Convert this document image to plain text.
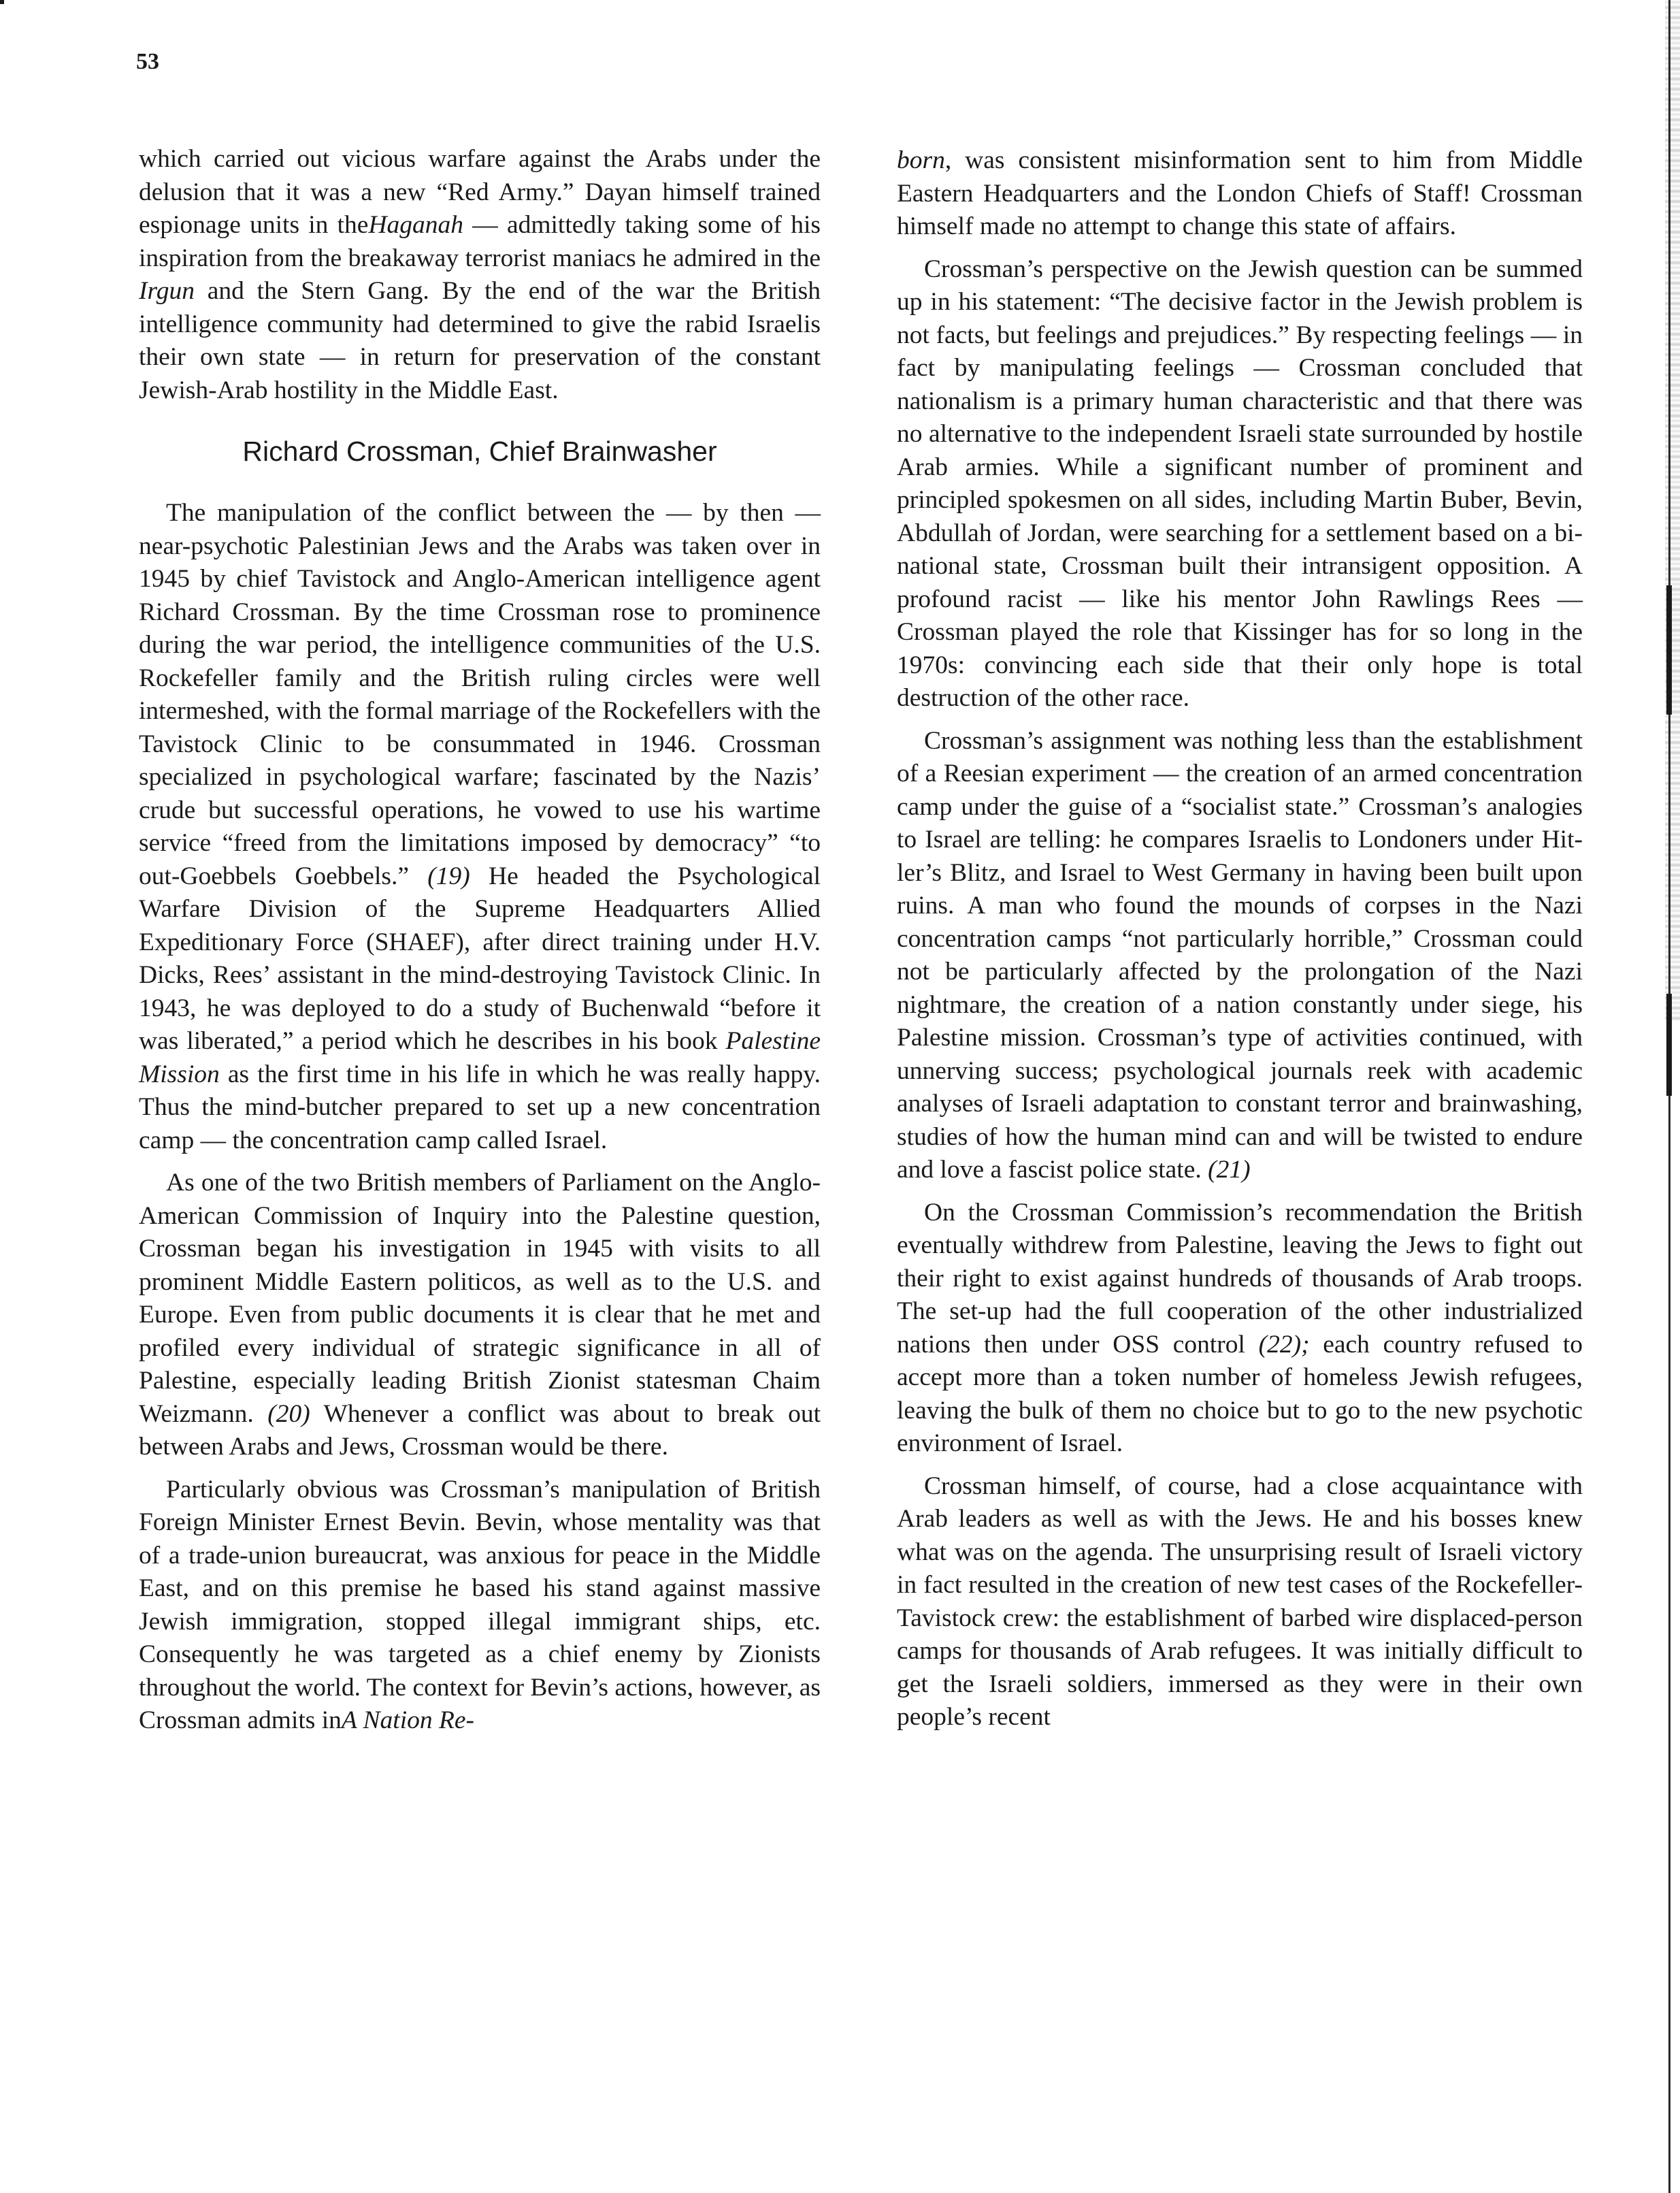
53

which carried out vicious warfare against the Arabs under the delusion that it was a new “Red Army.” Dayan himself trained espionage units in theHaganah — admittedly taking some of his inspiration from the breakaway terrorist maniacs he admired in the Irgun and the Stern Gang. By the end of the war the British intelligence community had determined to give the rabid Israelis their own state — in return for preservation of the constant Jewish-Arab hostility in the Middle East.

Richard Crossman, Chief Brainwasher

The manipulation of the conflict between the — by then — near-psychotic Palestinian Jews and the Arabs was taken over in 1945 by chief Tavistock and Anglo-American intelligence agent Richard Crossman. By the time Crossman rose to prominence during the war period, the intelligence communities of the U.S. Rockefeller family and the British ruling circles were well intermeshed, with the formal marriage of the Rockefellers with the Tavistock Clinic to be consummated in 1946. Crossman specialized in psychological warfare; fascinated by the Nazis’ crude but successful operations, he vowed to use his wartime service “freed from the limitations imposed by democracy” “to out-Goebbels Goebbels.” (19) He headed the Psychological Warfare Division of the Supreme Headquarters Allied Expeditionary Force (SHAEF), after direct training under H.V. Dicks, Rees’ assistant in the mind-destroying Tavistock Clinic. In 1943, he was deployed to do a study of Buchenwald “before it was liberated,” a period which he describes in his book Palestine Mission as the first time in his life in which he was really happy. Thus the mind-butcher prepared to set up a new concentration camp — the concentration camp called Israel.

As one of the two British members of Parliament on the Anglo-American Commission of Inquiry into the Palestine question, Crossman began his investigation in 1945 with visits to all prominent Middle Eastern politicos, as well as to the U.S. and Europe. Even from public documents it is clear that he met and profiled every individual of strategic significance in all of Palestine, especially leading British Zionist statesman Chaim Weizmann. (20) Whenever a conflict was about to break out between Arabs and Jews, Crossman would be there.

Particularly obvious was Crossman’s manipulation of British Foreign Minister Ernest Bevin. Bevin, whose mentality was that of a trade-union bureaucrat, was anxious for peace in the Middle East, and on this premise he based his stand against massive Jewish immigration, stopped illegal immigrant ships, etc. Consequently he was targeted as a chief enemy by Zionists throughout the world. The context for Bevin’s actions, however, as Crossman admits inA Nation Re-

born, was consistent misinformation sent to him from Middle Eastern Headquarters and the London Chiefs of Staff! Crossman himself made no attempt to change this state of affairs.

Crossman’s perspective on the Jewish question can be summed up in his statement: “The decisive factor in the Jewish problem is not facts, but feelings and prejudices.” By respecting feelings — in fact by manipulating feelings — Crossman concluded that nationalism is a primary human characteristic and that there was no alternative to the independent Israeli state surrounded by hostile Arab armies. While a significant number of prominent and principled spokesmen on all sides, including Martin Buber, Bevin, Abdullah of Jordan, were searching for a settlement based on a bi-national state, Crossman built their intransigent opposition. A profound racist — like his mentor John Rawlings Rees — Crossman played the role that Kissinger has for so long in the 1970s: convincing each side that their only hope is total destruction of the other race.

Crossman’s assignment was nothing less than the establishment of a Reesian experiment — the creation of an armed concentration camp under the guise of a “socialist state.” Crossman’s analogies to Israel are telling: he compares Israelis to Londoners under Hitler’s Blitz, and Israel to West Germany in having been built upon ruins. A man who found the mounds of corpses in the Nazi concentration camps “not particularly horrible,” Crossman could not be particularly affected by the prolongation of the Nazi nightmare, the creation of a nation constantly under siege, his Palestine mission. Crossman’s type of activities continued, with unnerving success; psychological journals reek with academic analyses of Israeli adaptation to constant terror and brainwashing, studies of how the human mind can and will be twisted to endure and love a fascist police state. (21)

On the Crossman Commission’s recommendation the British eventually withdrew from Palestine, leaving the Jews to fight out their right to exist against hundreds of thousands of Arab troops. The set-up had the full cooperation of the other industrialized nations then under OSS control (22); each country refused to accept more than a token number of homeless Jewish refugees, leaving the bulk of them no choice but to go to the new psychotic environment of Israel.

Crossman himself, of course, had a close acquaintance with Arab leaders as well as with the Jews. He and his bosses knew what was on the agenda. The unsurprising result of Israeli victory in fact resulted in the creation of new test cases of the Rockefeller-Tavistock crew: the establishment of barbed wire displaced-person camps for thousands of Arab refugees. It was initially difficult to get the Israeli soldiers, immersed as they were in their own people’s recent
